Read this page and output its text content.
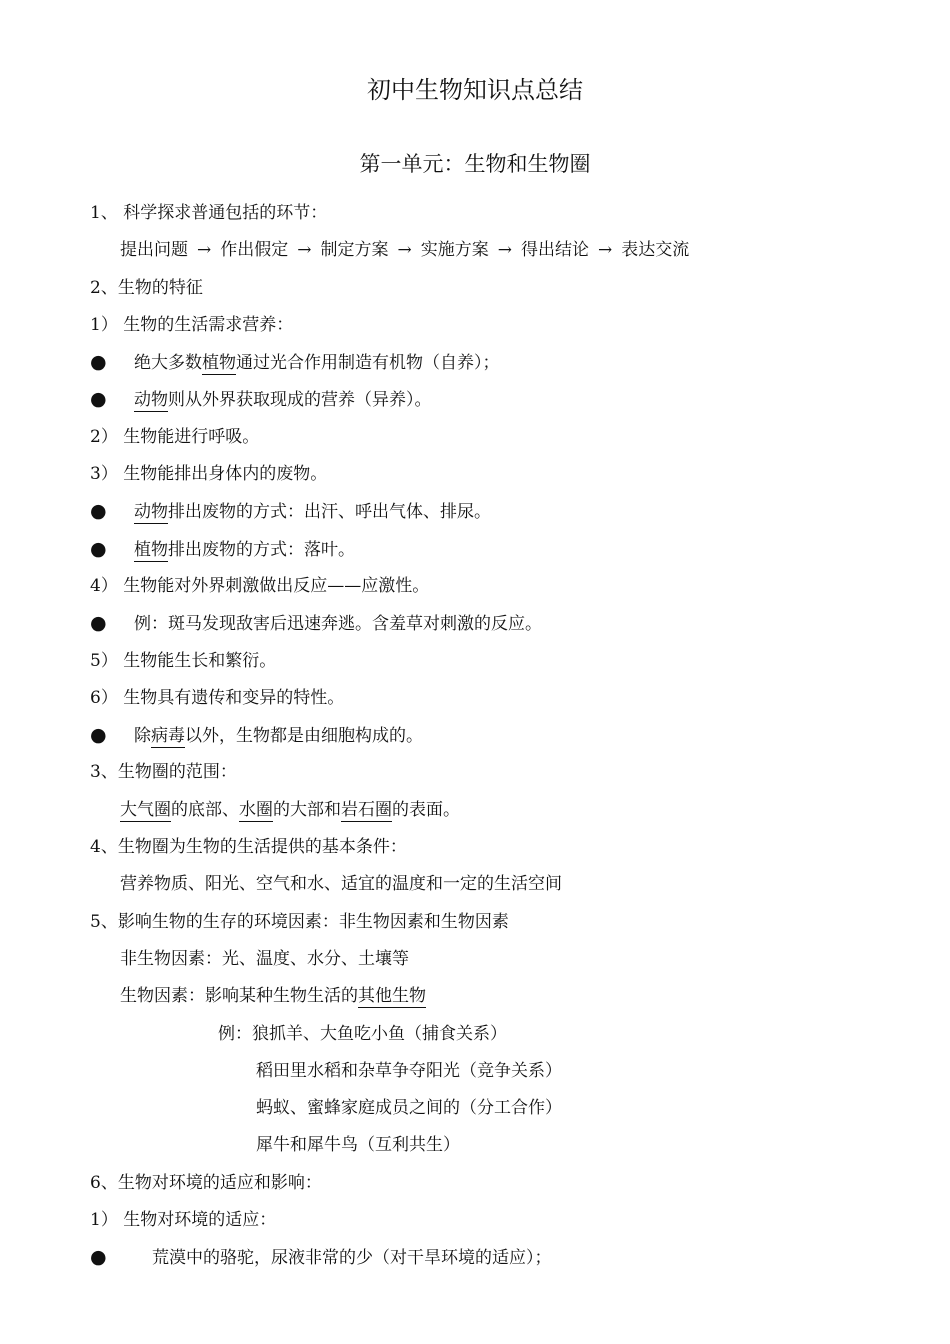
初中生物知识点总结
第一单元：生物和生物圈
1、 科学探求普通包括的环节：
提出问题 → 作出假定 → 制定方案 → 实施方案 → 得出结论 → 表达交流
2、生物的特征
1） 生物的生活需求营养：
● 绝大多数植物通过光合作用制造有机物（自养）；
● 动物则从外界获取现成的营养（异养）。
2） 生物能进行呼吸。
3） 生物能排出身体内的废物。
● 动物排出废物的方式：出汗、呼出气体、排尿。
● 植物排出废物的方式：落叶。
4） 生物能对外界刺激做出反应——应激性。
● 例：斑马发现敌害后迅速奔逃。含羞草对刺激的反应。
5） 生物能生长和繁衍。
6） 生物具有遗传和变异的特性。
● 除病毒以外，生物都是由细胞构成的。
3、生物圈的范围：
大气圈的底部、水圈的大部和岩石圈的表面。
4、生物圈为生物的生活提供的基本条件：
营养物质、阳光、空气和水、适宜的温度和一定的生活空间
5、影响生物的生存的环境因素：非生物因素和生物因素
非生物因素：光、温度、水分、土壤等
生物因素：影响某种生物生活的其他生物
例：狼抓羊、大鱼吃小鱼（捕食关系）
稻田里水稻和杂草争夺阳光（竞争关系）
蚂蚁、蜜蜂家庭成员之间的（分工合作）
犀牛和犀牛鸟（互利共生）
6、生物对环境的适应和影响：
1） 生物对环境的适应：
●	荒漠中的骆驼，尿液非常的少（对干旱环境的适应）；
